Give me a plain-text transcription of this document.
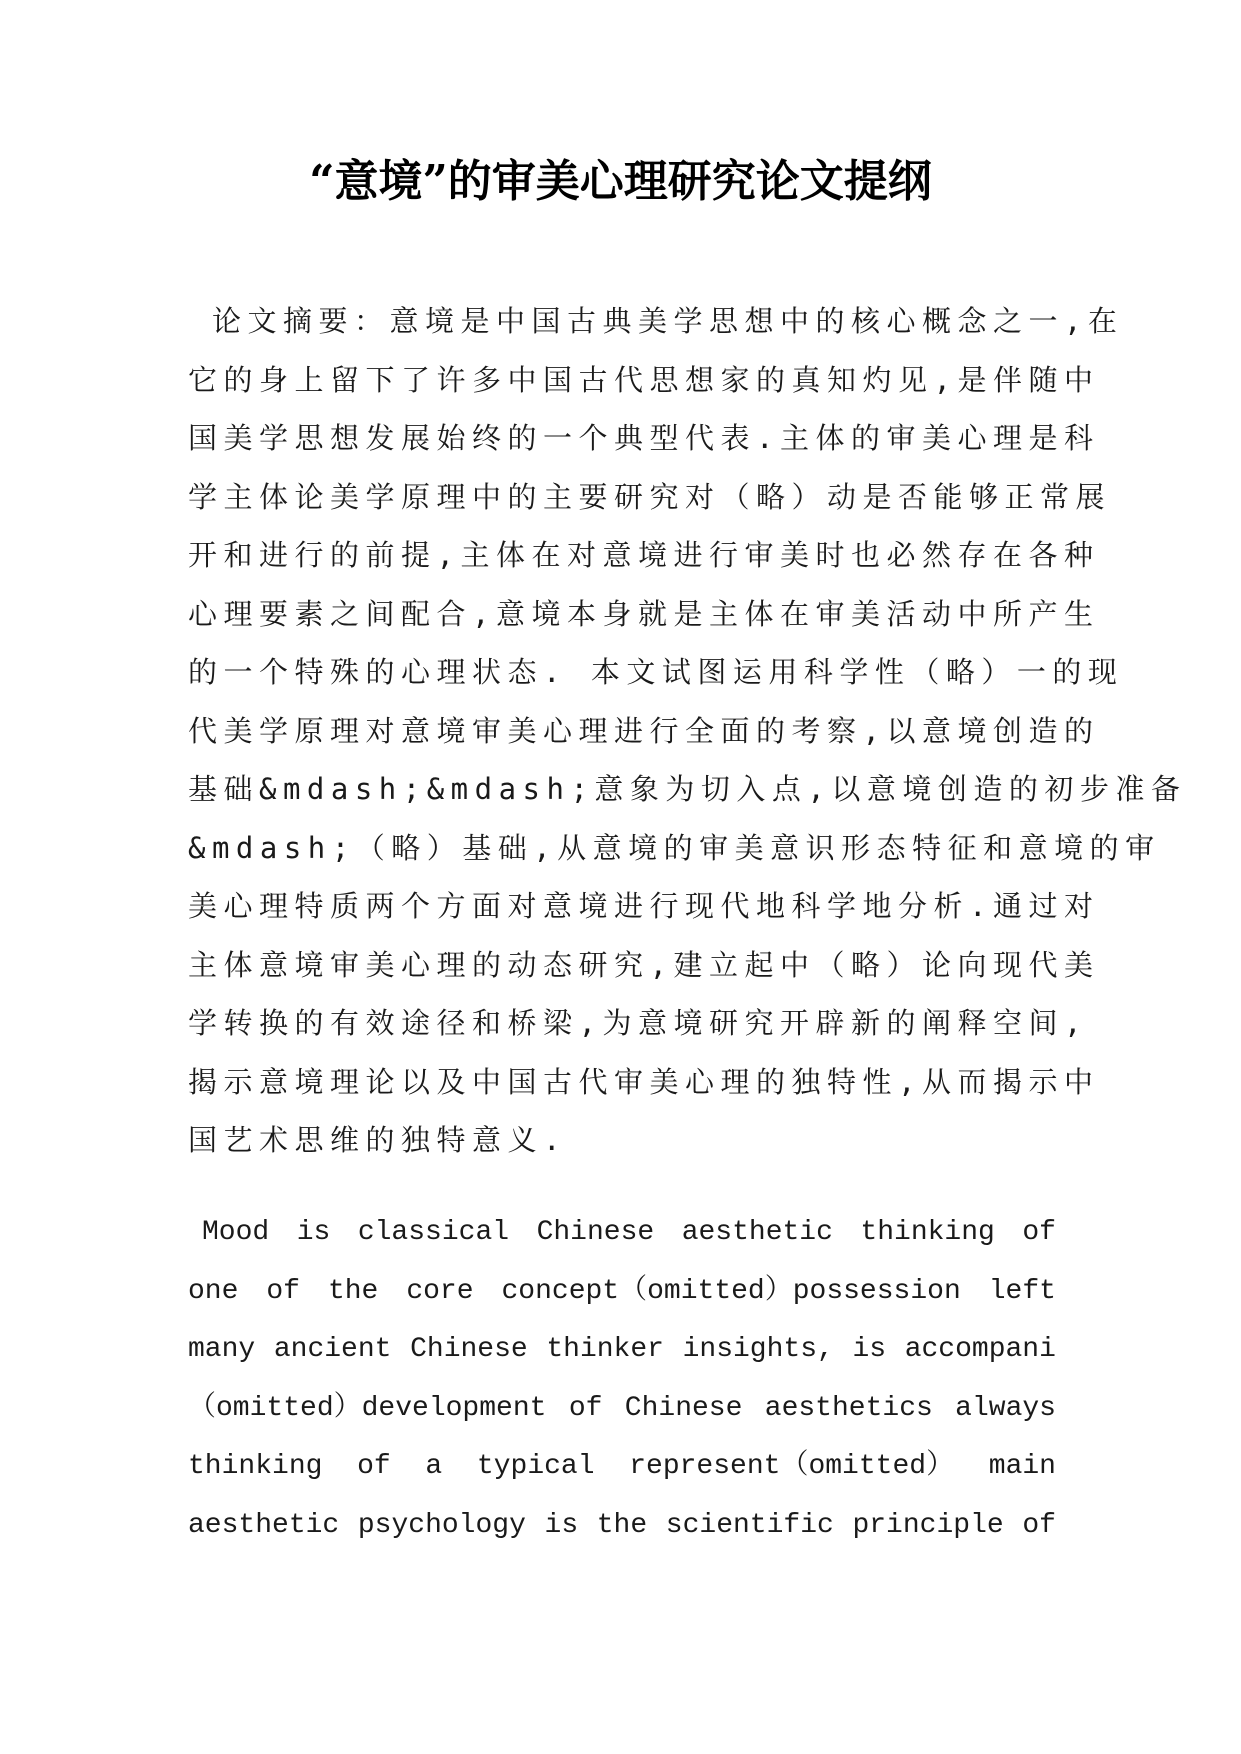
“意境”的审美心理研究论文提纲
论文摘要：意境是中国古典美学思想中的核心概念之一,在
它的身上留下了许多中国古代思想家的真知灼见,是伴随中
国美学思想发展始终的一个典型代表.主体的审美心理是科
学主体论美学原理中的主要研究对（略）动是否能够正常展
开和进行的前提,主体在对意境进行审美时也必然存在各种
心理要素之间配合,意境本身就是主体在审美活动中所产生
的一个特殊的心理状态. 本文试图运用科学性（略）一的现
代美学原理对意境审美心理进行全面的考察,以意境创造的
基础&mdash;&mdash;意象为切入点,以意境创造的初步准备
&mdash;（略）基础,从意境的审美意识形态特征和意境的审
美心理特质两个方面对意境进行现代地科学地分析.通过对
主体意境审美心理的动态研究,建立起中（略）论向现代美
学转换的有效途径和桥梁,为意境研究开辟新的阐释空间,
揭示意境理论以及中国古代审美心理的独特性,从而揭示中
国艺术思维的独特意义.
Mood is classical Chinese aesthetic thinking of
one of the core concept（omitted）possession left
many ancient Chinese thinker insights, is accompani
（omitted）development of Chinese aesthetics always
thinking of a typical represent（omitted） main
aesthetic psychology is the scientific principle of
